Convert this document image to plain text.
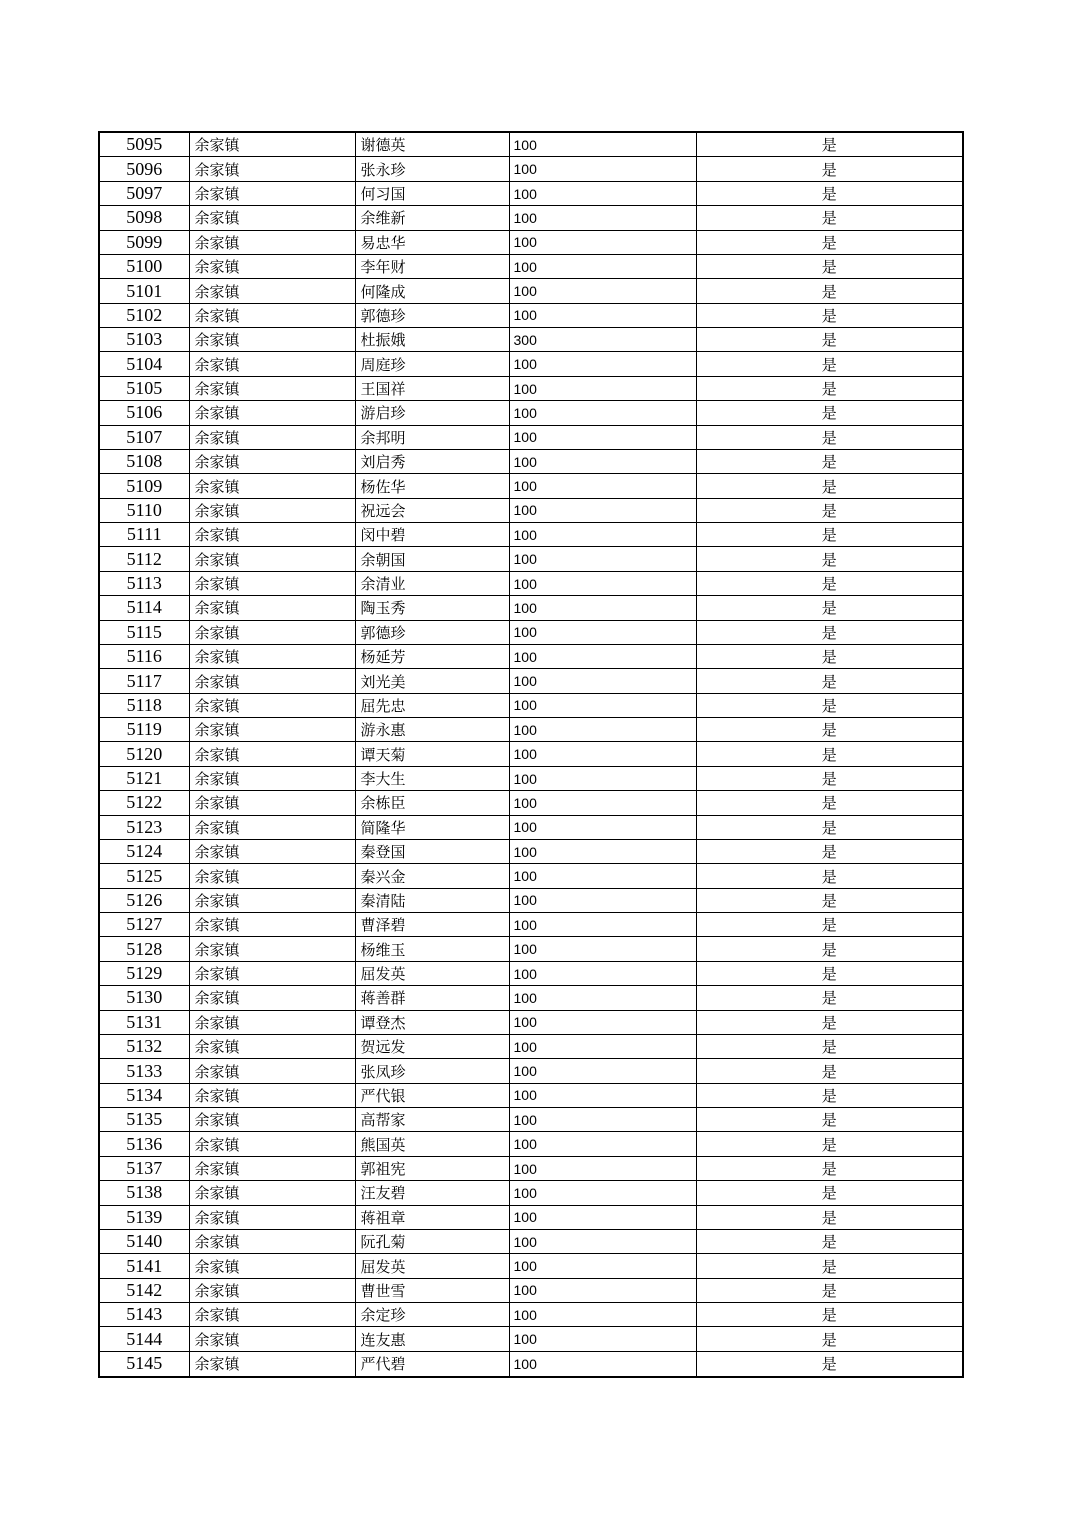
5095	余家镇	谢德英	100	是
5096	余家镇	张永珍	100	是
5097	余家镇	何习国	100	是
5098	余家镇	余维新	100	是
5099	余家镇	易忠华	100	是
5100	余家镇	李年财	100	是
5101	余家镇	何隆成	100	是
5102	余家镇	郭德珍	100	是
5103	余家镇	杜振娥	300	是
5104	余家镇	周庭珍	100	是
5105	余家镇	王国祥	100	是
5106	余家镇	游启珍	100	是
5107	余家镇	余邦明	100	是
5108	余家镇	刘启秀	100	是
5109	余家镇	杨佐华	100	是
5110	余家镇	祝远会	100	是
5111	余家镇	闵中碧	100	是
5112	余家镇	余朝国	100	是
5113	余家镇	余清业	100	是
5114	余家镇	陶玉秀	100	是
5115	余家镇	郭德珍	100	是
5116	余家镇	杨延芳	100	是
5117	余家镇	刘光美	100	是
5118	余家镇	屈先忠	100	是
5119	余家镇	游永惠	100	是
5120	余家镇	谭天菊	100	是
5121	余家镇	李大生	100	是
5122	余家镇	余栋臣	100	是
5123	余家镇	简隆华	100	是
5124	余家镇	秦登国	100	是
5125	余家镇	秦兴金	100	是
5126	余家镇	秦清陆	100	是
5127	余家镇	曹泽碧	100	是
5128	余家镇	杨维玉	100	是
5129	余家镇	屈发英	100	是
5130	余家镇	蒋善群	100	是
5131	余家镇	谭登杰	100	是
5132	余家镇	贺远发	100	是
5133	余家镇	张凤珍	100	是
5134	余家镇	严代银	100	是
5135	余家镇	高帮家	100	是
5136	余家镇	熊国英	100	是
5137	余家镇	郭祖宪	100	是
5138	余家镇	汪友碧	100	是
5139	余家镇	蒋祖章	100	是
5140	余家镇	阮孔菊	100	是
5141	余家镇	屈发英	100	是
5142	余家镇	曹世雪	100	是
5143	余家镇	余定珍	100	是
5144	余家镇	连友惠	100	是
5145	余家镇	严代碧	100	是
